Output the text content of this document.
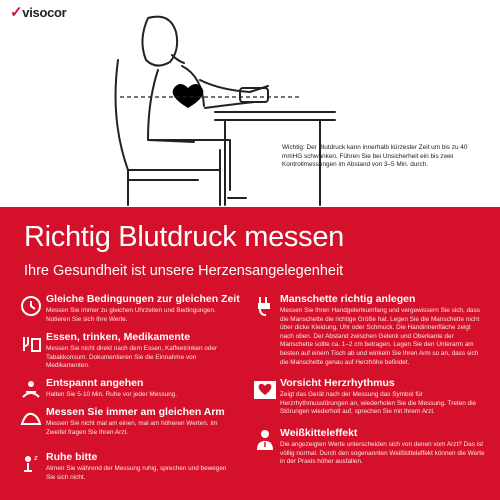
✓visocor
Wichtig: Der Blutdruck kann innerhalb kürzester Zeit um bis zu 40 mmHG schwanken. Führen Sie bei Unsicherheit ein bis zwei Kontrollmessungen im Abstand von 3–5 Min. durch.
Richtig Blutdruck messen
Ihre Gesundheit ist unsere Herzensangelegenheit
Gleiche Bedingungen zur gleichen Zeit
Messen Sie immer zu gleichen Uhrzeiten und Bedingungen. Notieren Sie sich Ihre Werte.
Essen, trinken, Medikamente
Messen Sie nicht direkt nach dem Essen, Kaffeetrinken oder Tabakkonsum. Dokumentieren Sie die Einnahme von Medikamenten.
Entspannt angehen
Halten Sie 5-10 Min. Ruhe vor jeder Messung.
Messen Sie immer am gleichen Arm
Messen Sie nicht mal am einen, mal am höheren Werten. Im Zweifel fragen Sie Ihren Arzt.
z Ruhe bitte
Atmen Sie während der Messung ruhig, sprechen und bewegen Sie sich nicht.
Manschette richtig anlegen
Messen Sie Ihren Handgelenkumfang und vergewissern Sie sich, dass die Manschette die richtige Größe hat. Legen Sie die Manschette nicht über dicke Kleidung, Uhr oder Schmuck. Die Handinnenfläche zeigt nach oben. Der Abstand zwischen Gelenk und Oberkante der Manschette sollte ca. 1–2 cm betragen. Legen Sie den Unterarm am besten auf einem Tisch ab und winkeln Sie Ihren Arm so an, dass sich die Manschette genau auf Herzhöhe befindet.
Vorsicht Herzrhythmus
Zeigt das Gerät nach der Messung das Symbol für Herzrhythmusstörungen an, wiederholen Sie die Messung. Treten die Störungen wiederholt auf, sprechen Sie mit Ihrem Arzt.
Weißkitteleffekt
Die angezeigten Werte unterscheiden sich von denen vom Arzt? Das ist völlig normal. Durch den sogenannten Weißkitteleffekt können die Werte in der Praxis höher ausfallen.
